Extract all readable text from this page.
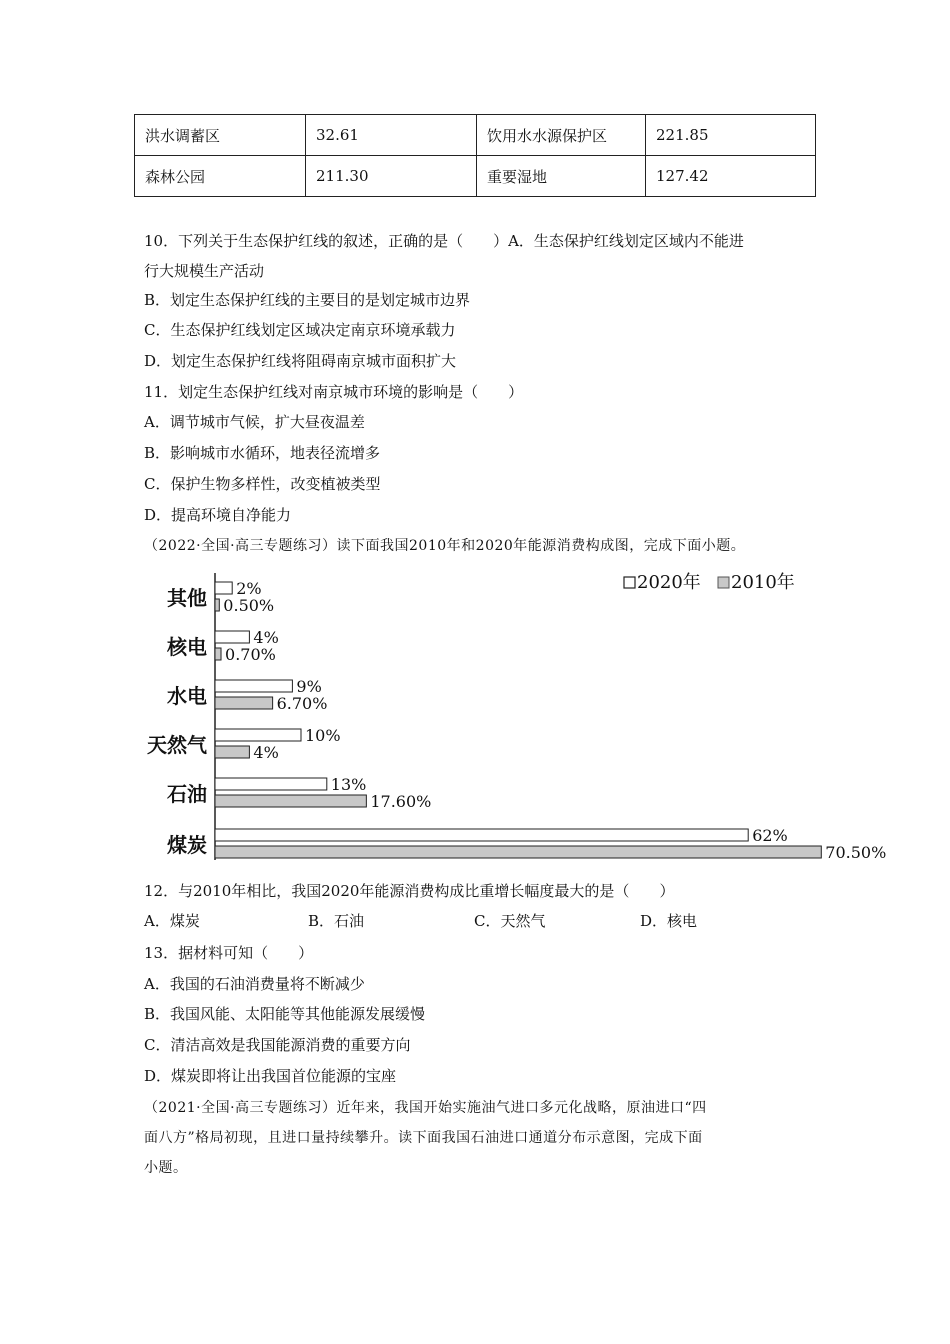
洪水调蓄区	32.61	饮用水水源保护区	221.85
森林公园	211.30	重要湿地	127.42
10．下列关于生态保护红线的叙述，正确的是（　　）A．生态保护红线划定区域内不能进
行大规模生产活动
B．划定生态保护红线的主要目的是划定城市边界
C．生态保护红线划定区域决定南京环境承载力
D．划定生态保护红线将阻碍南京城市面积扩大
11．划定生态保护红线对南京城市环境的影响是（　　）
A．调节城市气候，扩大昼夜温差
B．影响城市水循环，地表径流增多
C．保护生物多样性，改变植被类型
D．提高环境自净能力
（2022·全国·高三专题练习）读下面我国2010年和2020年能源消费构成图，完成下面小题。
2020年 2010年
其他 2%
0.50%
核电	4%
0.70%
水电	9%
6.70%
天然气	10%
4%
石油	13%
17.60%
煤炭	62%
70.50%
12．与2010年相比，我国2020年能源消费构成比重增长幅度最大的是（　　）
A．煤炭	B．石油	C．天然气	D．核电
13．据材料可知（　　）
A．我国的石油消费量将不断减少
B．我国风能、太阳能等其他能源发展缓慢
C．清洁高效是我国能源消费的重要方向
D．煤炭即将让出我国首位能源的宝座
（2021·全国·高三专题练习）近年来，我国开始实施油气进口多元化战略，原油进口“四
面八方”格局初现，且进口量持续攀升。读下面我国石油进口通道分布示意图，完成下面
小题。
